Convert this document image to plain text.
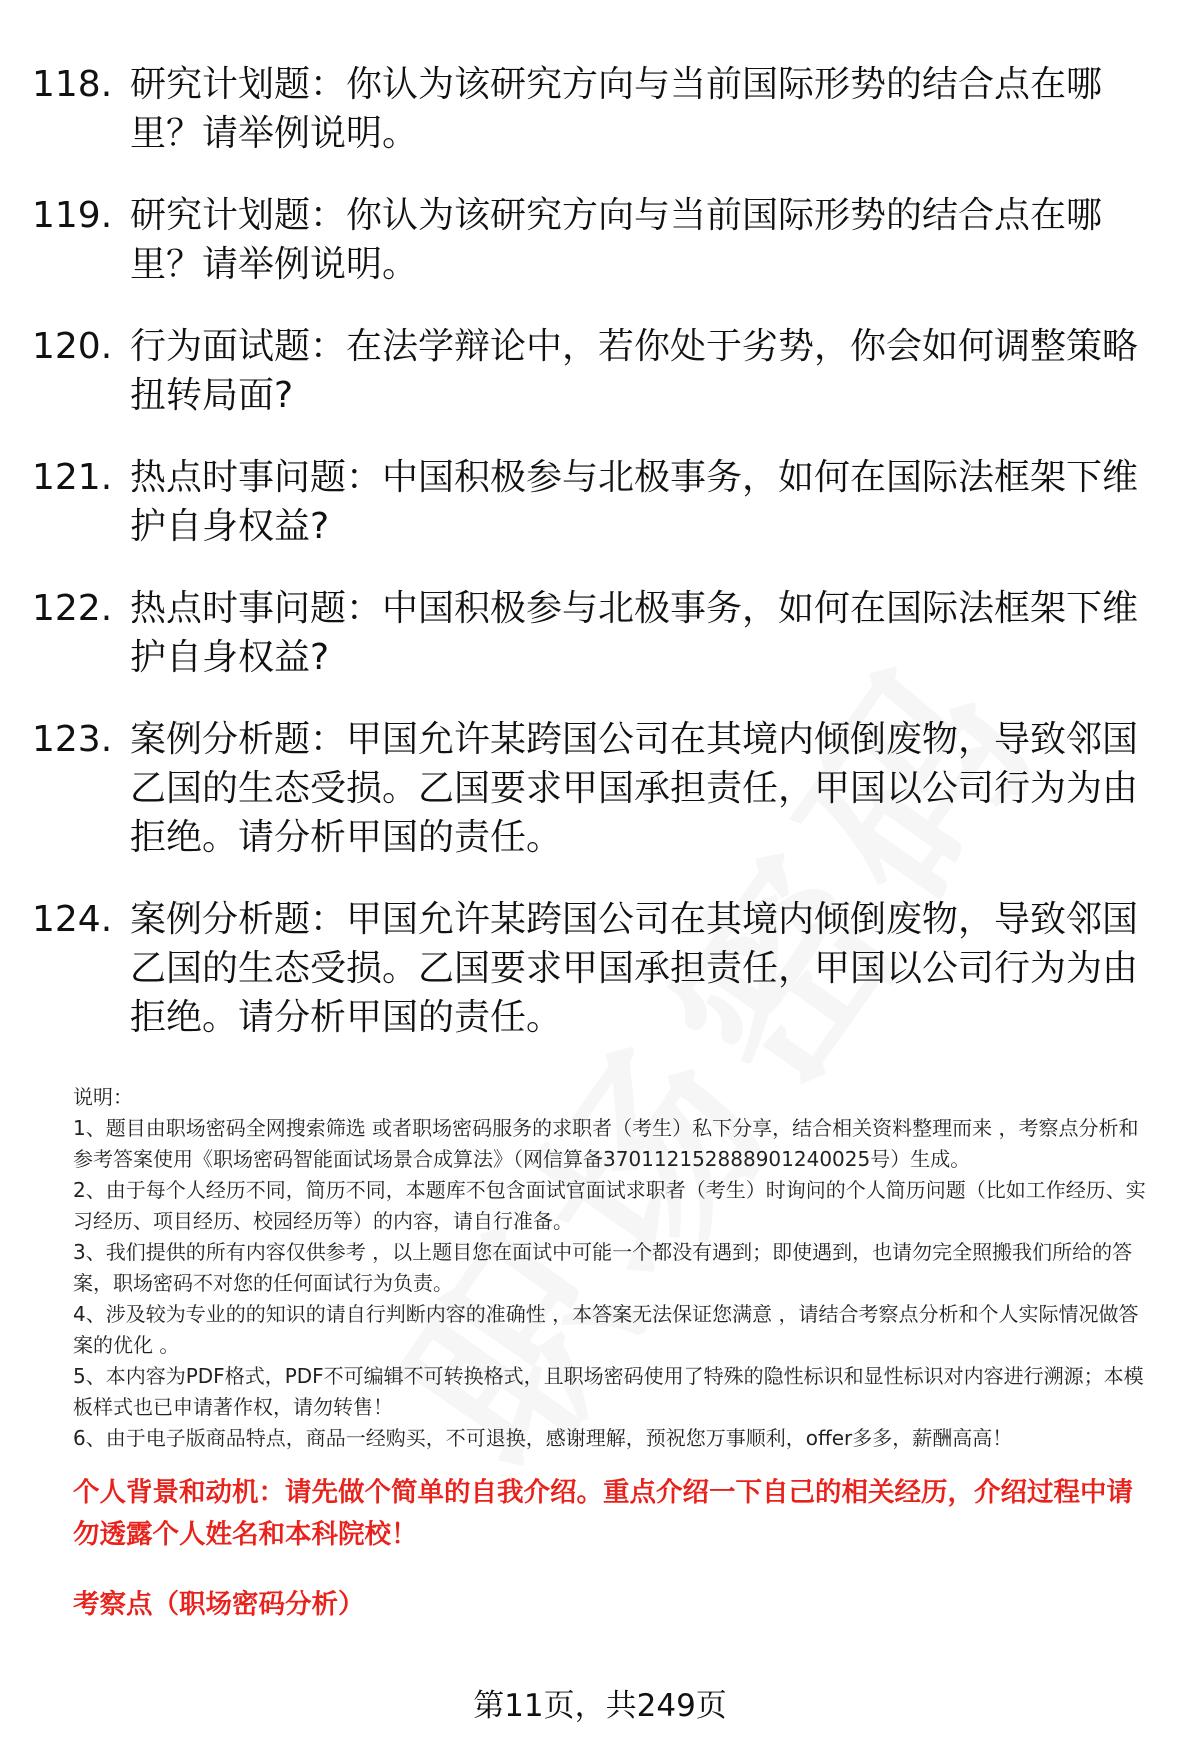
118. 研究计划题：你认为该研究方向与当前国际形势的结合点在哪里？请举例说明。
119. 研究计划题：你认为该研究方向与当前国际形势的结合点在哪里？请举例说明。
120. 行为面试题：在法学辩论中，若你处于劣势，你会如何调整策略扭转局面?
121. 热点时事问题：中国积极参与北极事务，如何在国际法框架下维护自身权益?
122. 热点时事问题：中国积极参与北极事务，如何在国际法框架下维护自身权益?
123. 案例分析题：甲国允许某跨国公司在其境内倾倒废物，导致邻国乙国的生态受损。乙国要求甲国承担责任，甲国以公司行为为由拒绝。请分析甲国的责任。
124. 案例分析题：甲国允许某跨国公司在其境内倾倒废物，导致邻国乙国的生态受损。乙国要求甲国承担责任，甲国以公司行为为由拒绝。请分析甲国的责任。

说明：

1、题目由职场密码全网搜索筛选 或者职场密码服务的求职者（考生）私下分享，结合相关资料整理而来 ，考察点分析和参考答案使用《职场密码智能面试场景合成算法》（网信算备370112152888901240025号）生成。

2、由于每个人经历不同，简历不同，本题库不包含面试官面试求职者（考生）时询问的个人简历问题（比如工作经历、实习经历、项目经历、校园经历等）的内容，请自行准备。

3、我们提供的所有内容仅供参考 ，以上题目您在面试中可能一个都没有遇到；即使遇到，也请勿完全照搬我们所给的答案，职场密码不对您的任何面试行为负责。

4、涉及较为专业的的知识的请自行判断内容的准确性 ，本答案无法保证您满意 ，请结合考察点分析和个人实际情况做答案的优化 。

5、本内容为PDF格式，PDF不可编辑不可转换格式，且职场密码使用了特殊的隐性标识和显性标识对内容进行溯源；本模板样式也已申请著作权，请勿转售！

6、由于电子版商品特点，商品一经购买，不可退换，感谢理解，预祝您万事顺利，offer多多，薪酬高高！

个人背景和动机：请先做个简单的自我介绍。重点介绍一下自己的相关经历，介绍过程中请勿透露个人姓名和本科院校！

考察点（职场密码分析）

第11页，共249页
